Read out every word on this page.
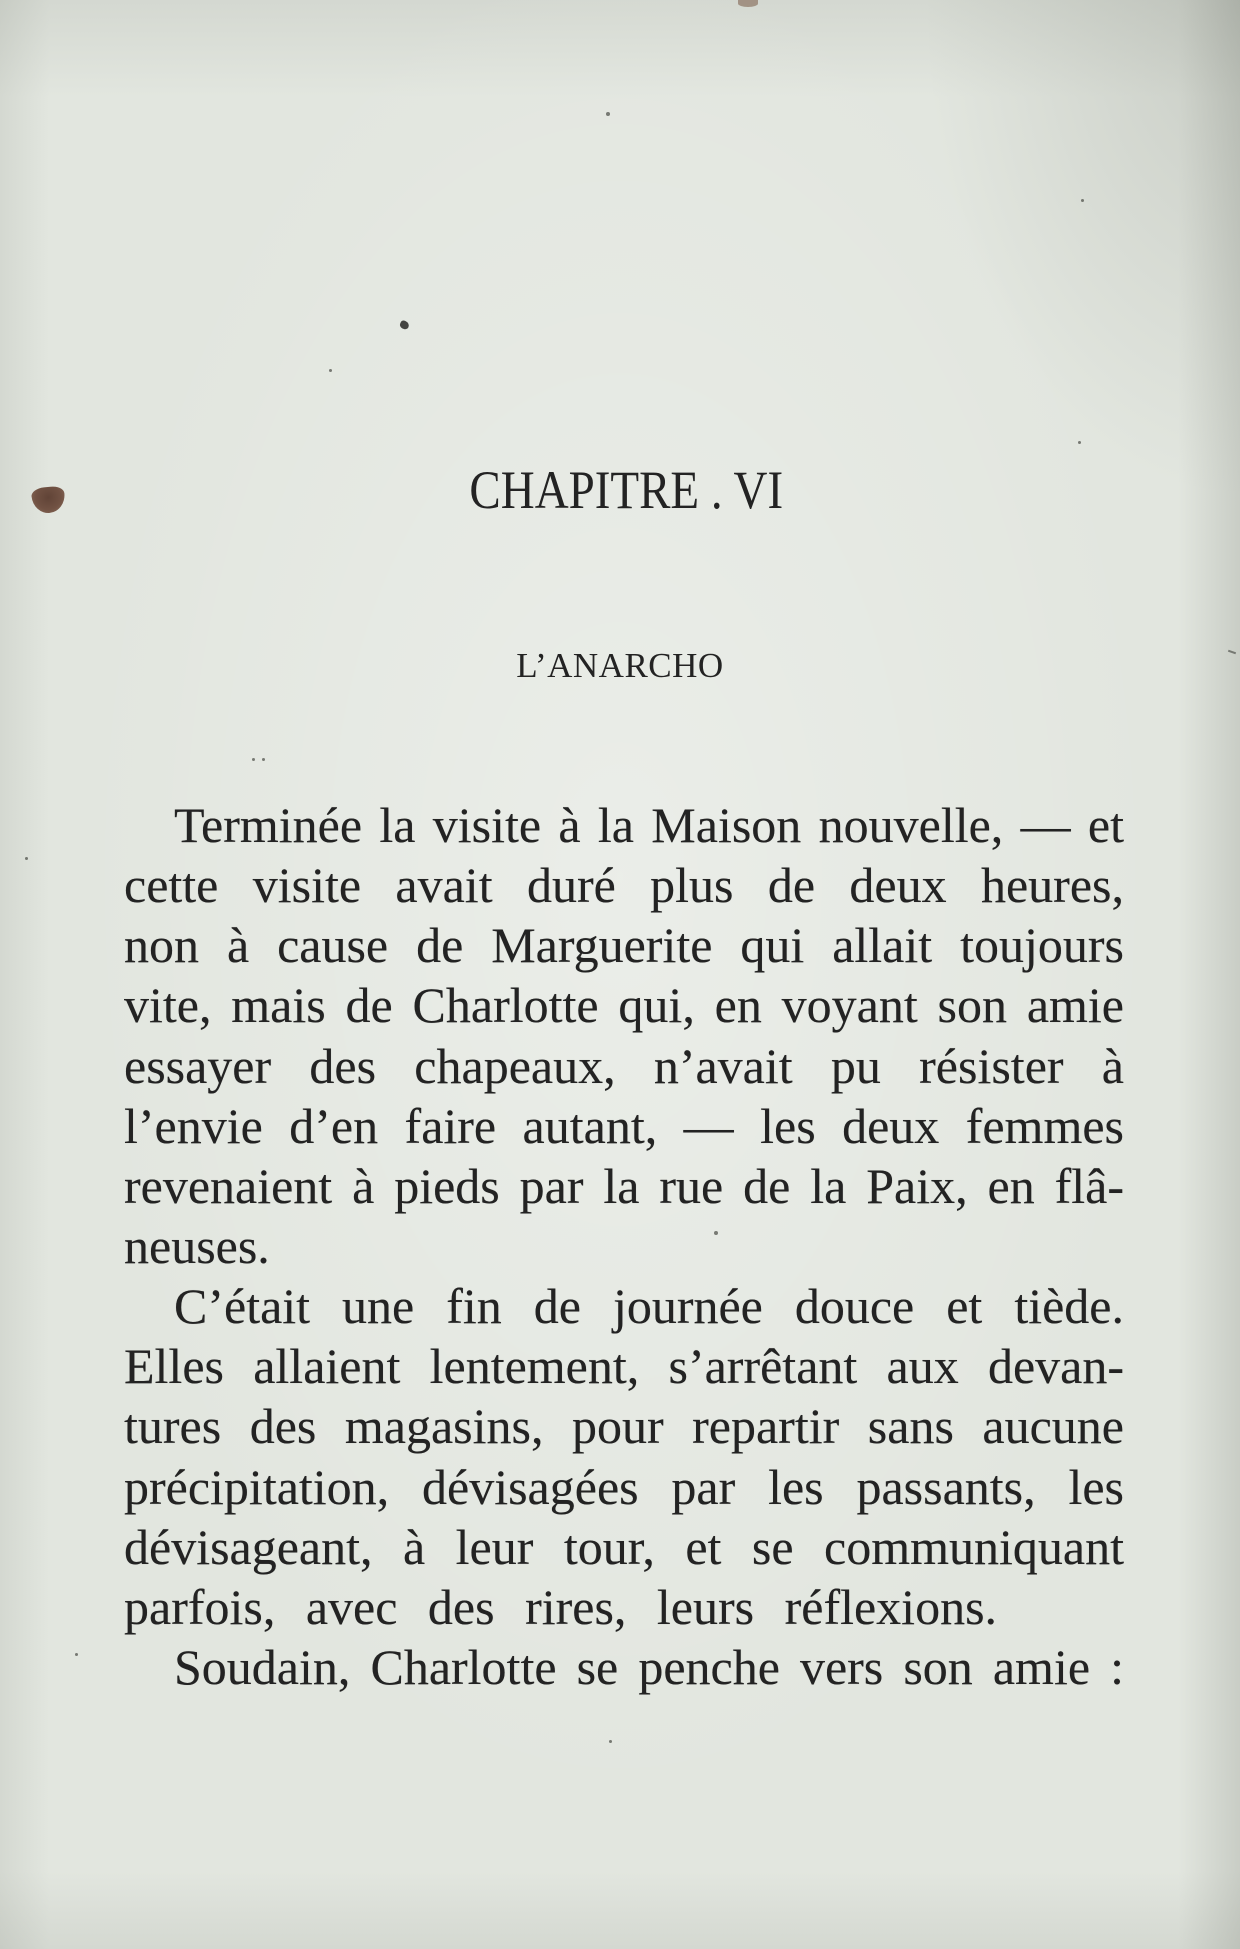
CHAPITRE . VI
L’ANARCHO
Terminée la visite à la Maison nouvelle, — et
cette visite avait duré plus de deux heures,
non à cause de Marguerite qui allait toujours
vite, mais de Charlotte qui, en voyant son amie
essayer des chapeaux, n’avait pu résister à
l’envie d’en faire autant, — les deux femmes
revenaient à pieds par la rue de la Paix, en flâ-
neuses.
C’était une fin de journée douce et tiède.
Elles allaient lentement, s’arrêtant aux devan-
tures des magasins, pour repartir sans aucune
précipitation, dévisagées par les passants, les
dévisageant, à leur tour, et se communiquant
parfois, avec des rires, leurs réflexions.
Soudain, Charlotte se penche vers son amie :
